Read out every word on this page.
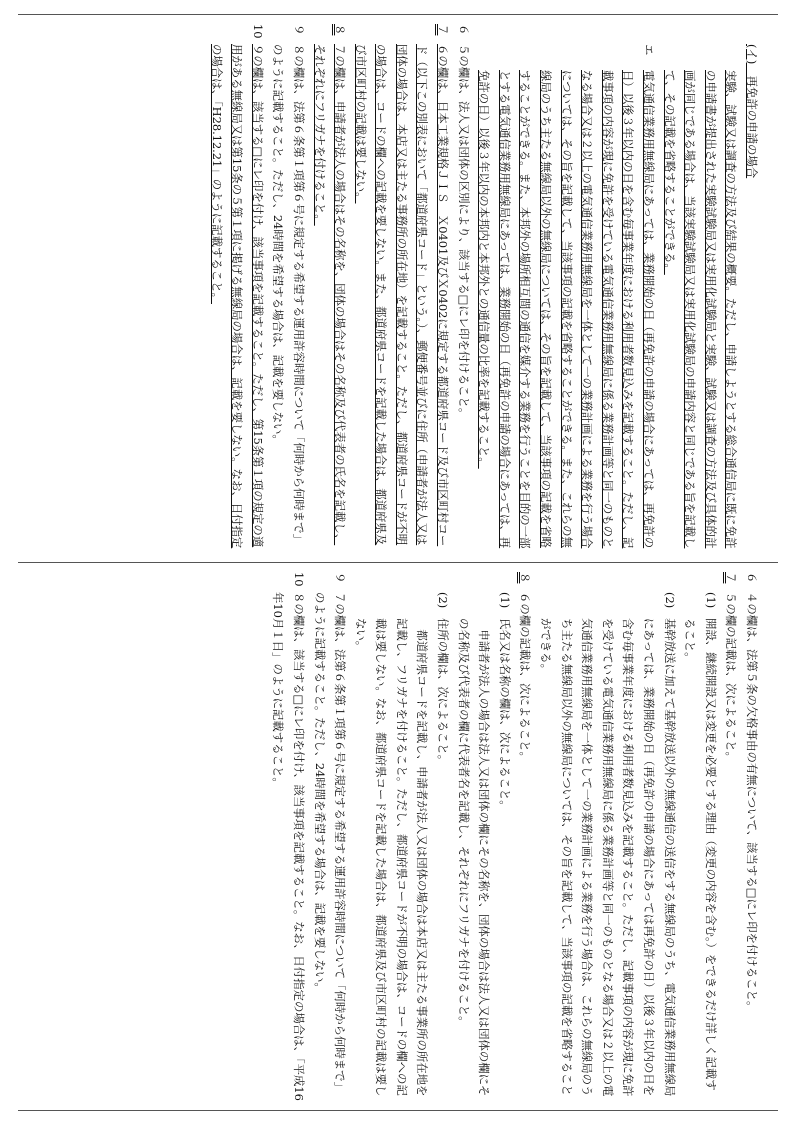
(イ)　再免許の申請の場合
実験、試験又は調査の方法及び結果の概要。ただし、申請しようとする総合通信局に既に免許の申請書が提出された実験試験局又は実用化試験局と実験、試験又は調査の方法及び具体的計画が同じである場合は、当該実験試験局又は実用化試験局の申請内容と同じである旨を記載して、その記載を省略することができる。
エ
電気通信業務用無線局にあっては、業務開始の日（再免許の申請の場合にあっては、再免許の日）以後３年以内の日を含む毎事業年度における利用者数見込みを記載すること。ただし、記載事項の内容が現に免許を受けている電気通信業務用無線局に係る業務計画等と同一のものとなる場合又は２以上の電気通信業務用無線局を一体として一の業務計画による業務を行う場合については、その旨を記載して、当該事項の記載を省略することができる。また、これらの無線局のうち主たる無線局以外の無線局については、その旨を記載して、当該事項の記載を省略することができる。また、本邦外の場所相互間の通信を媒介する業務を行うことを目的の一部とする電気通信業務用無線局にあっては、業務開始の日（再免許の申請の場合にあっては、再免許の日）以後３年以内の本邦内と本邦外との通信量の比率を記載すること。
６
５の欄は、法人又は団体の区別により、該当する□にレ印を付けること。
７
６の欄は、日本工業規格ＪＩＳ　Ｘ0401及びＸ0402に規定する都道府県コード及び市区町村コード（以下この別表において「都道府県コード」という。）、郵便番号並びに住所（申請者が法人又は団体の場合は、本店又は主たる事務所の所在地）を記載すること。ただし、都道府県コードが不明の場合は、コードの欄への記載を要しない。また、都道府県コードを記載した場合は、都道府県及び市区町村の記載は要しない。
８
７の欄は、申請者が法人の場合はその名称を、団体の場合はその名称及び代表者の氏名を記載し、それぞれにフリガナを付けること。
９
８の欄は、法第６条第１項第６号に規定する希望する運用許容時間について「何時から何時まで」のように記載すること。ただし、24時間を希望する場合は、記載を要しない。
10
９の欄は、該当する□にレ印を付け、該当事項を記載すること。ただし、第15条第１項の規定の適用がある無線局又は第15条の５第１項に掲げる無線局の場合は、記載を要しない。なお、日付指定の場合は、「H28.12.21」のように記載すること。
６
４の欄は、法第５条の欠格事由の有無について、該当する□にレ印を付けること。
７
５の欄の記載は、次によること。
(1)
開設、継続開設又は変更を必要とする理由（変更の内容を含む。）をできるだけ詳しく記載すること。
(2)
基幹放送に加えて基幹放送以外の無線通信の送信をする無線局のうち、電気通信業務用無線局にあっては、業務開始の日（再免許の申請の場合にあっては再免許の日）以後３年以内の日を含む毎事業年度における利用者数見込みを記載すること。ただし、記載事項の内容が現に免許を受けている電気通信業務用無線局に係る業務計画等と同一のものとなる場合又は２以上の電気通信業務用無線局を一体として一の業務計画による業務を行う場合は、これらの無線局のうち主たる無線局以外の無線局については、その旨を記載して、当該事項の記載を省略することができる。
８
６の欄の記載は、次によること。
(1)
氏名又は名称の欄は、次によること。
申請者が法人の場合は法人又は団体の欄にその名称を、団体の場合は法人又は団体の欄にその名称及び代表者の欄に代表者名を記載し、それぞれにフリガナを付けること。
(2)
住所の欄は、次によること。
都道府県コードを記載し、申請者が法人又は団体の場合は本店又は主たる事業所の所在地を記載し、フリガナを付けること。ただし、都道府県コードが不明の場合は、コードの欄への記載は要しない。なお、都道府県コードを記載した場合は、都道府県及び市区町村の記載は要しない。
９
７の欄は、法第６条第１項第６号に規定する希望する運用許容時間について「何時から何時まで」のように記載すること。ただし、24時間を希望する場合は、記載を要しない。
10
８の欄は、該当する□にレ印を付け、該当事項を記載すること。なお、日付指定の場合は、「平成16年10月１日」のように記載すること。
